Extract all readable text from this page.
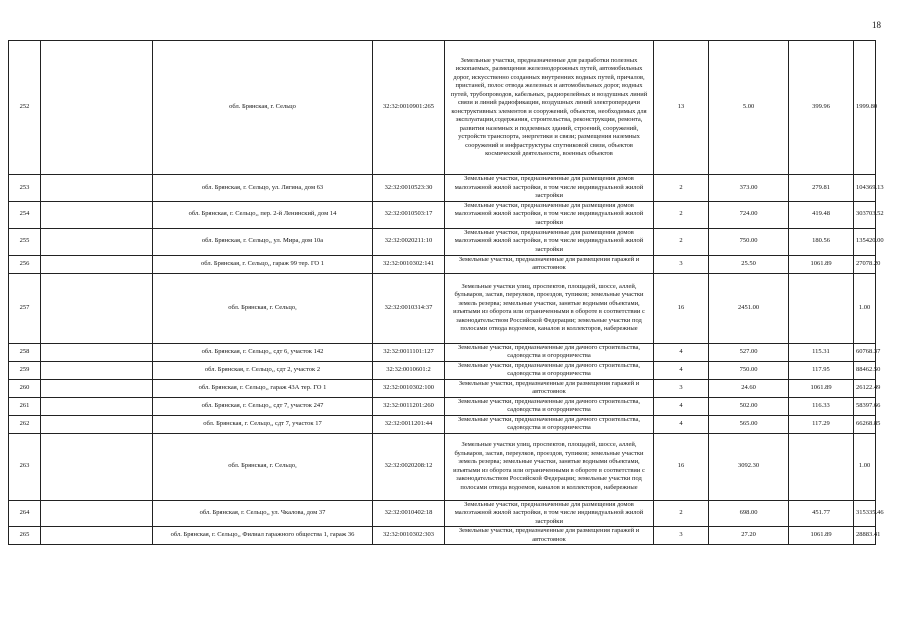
18
252		обл. Брянская, г. Сельцо	32:32:0010901:265	Земельные участки, предназначенные для разработки полезных ископаемых, размещения железнодорожных путей, автомобильных дорог, искусственно созданных внутренних водных путей, причалов, пристаней, полос отвода железных и автомобильных дорог, водных путей, трубопроводов, кабельных, радиорелейных и воздушных линий связи и линий радиофикации, воздушных линий электропередачи конструктивных элементов и сооружений, объектов, необходимых для эксплуатации,содержания, строительства, реконструкции, ремонта, развития наземных и подземных зданий, строений, сооружений, устройств транспорта, энергетики и связи; размещения наземных сооружений и инфраструктуры спутниковой связи, объектов космической деятельности, военных объектов	13	5.00	399.96	1999.80
253		обл. Брянская, г. Сельцо, ул. Лягина, дом 63	32:32:0010523:30	Земельные участки, предназначенные для размещения домов малоэтажной жилой застройки, в том числе индивидуальной жилой застройки	2	373.00	279.81	104369.13
254		обл. Брянская, г. Сельцо,, пер. 2-й Ленинский, дом 14	32:32:0010503:17	Земельные участки, предназначенные для размещения домов малоэтажной жилой застройки, в том числе индивидуальной жилой застройки	2	724.00	419.48	303703.52
255		обл. Брянская, г. Сельцо,, ул. Мира, дом 10а	32:32:0020211:10	Земельные участки, предназначенные для размещения домов малоэтажной жилой застройки, в том числе индивидуальной жилой застройки	2	750.00	180.56	135420.00
256		обл. Брянская, г. Сельцо,, гараж 99 тер. ГО 1	32:32:0010302:141	Земельные участки, предназначенные для размещения гаражей и автостоянок	3	25.50	1061.89	27078.20
257		обл. Брянская, г. Сельцо,	32:32:0010314:37	Земельные участки улиц, проспектов, площадей, шоссе, аллей, бульваров, застав, переулков, проездов, тупиков; земельные участки земель резерва; земельные участки, занятые водными объектами, изъятыми из оборота или ограниченными в обороте в соответствии с законодательством Российской Федерации; земельные участки под полосами отвода водоемов, каналов и коллекторов, набережные	16	2451.00		1.00
258		обл. Брянская, г. Сельцо,, сдт 6, участок 142	32:32:0011101:127	Земельные участки, предназначенные для дачного строительства, садоводства и огородничества	4	527.00	115.31	60768.37
259		обл. Брянская, г. Сельцо,, сдт 2, участок 2	32:32:0010601:2	Земельные участки, предназначенные для дачного строительства, садоводства и огородничества	4	750.00	117.95	88462.50
260		обл. Брянская, г. Сельцо,, гараж 43А тер. ГО 1	32:32:0010302:100	Земельные участки, предназначенные для размещения гаражей и автостоянок	3	24.60	1061.89	26122.49
261		обл. Брянская, г. Сельцо,, сдт 7, участок 247	32:32:0011201:260	Земельные участки, предназначенные для дачного строительства, садоводства и огородничества	4	502.00	116.33	58397.66
262		обл. Брянская, г. Сельцо,, сдт 7, участок 17	32:32:0011201:44	Земельные участки, предназначенные для дачного строительства, садоводства и огородничества	4	565.00	117.29	66268.85
263		обл. Брянская, г. Сельцо,	32:32:0020208:12	Земельные участки улиц, проспектов, площадей, шоссе, аллей, бульваров, застав, переулков, проездов, тупиков; земельные участки земель резерва; земельные участки, занятые водными объектами, изъятыми из оборота или ограниченными в обороте в соответствии с законодательством Российской Федерации; земельные участки под полосами отвода водоемов, каналов и коллекторов, набережные	16	3092.30		1.00
264		обл. Брянская, г. Сельцо,, ул. Чкалова, дом 37	32:32:0010402:18	Земельные участки, предназначенные для размещения домов малоэтажной жилой застройки, в том числе индивидуальной жилой застройки	2	698.00	451.77	315335.46
265		обл. Брянская, г. Сельцо,, Филиал гаражного общества 1, гараж 36	32:32:0010302:303	Земельные участки, предназначенные для размещения гаражей и автостоянок	3	27.20	1061.89	28883.41
